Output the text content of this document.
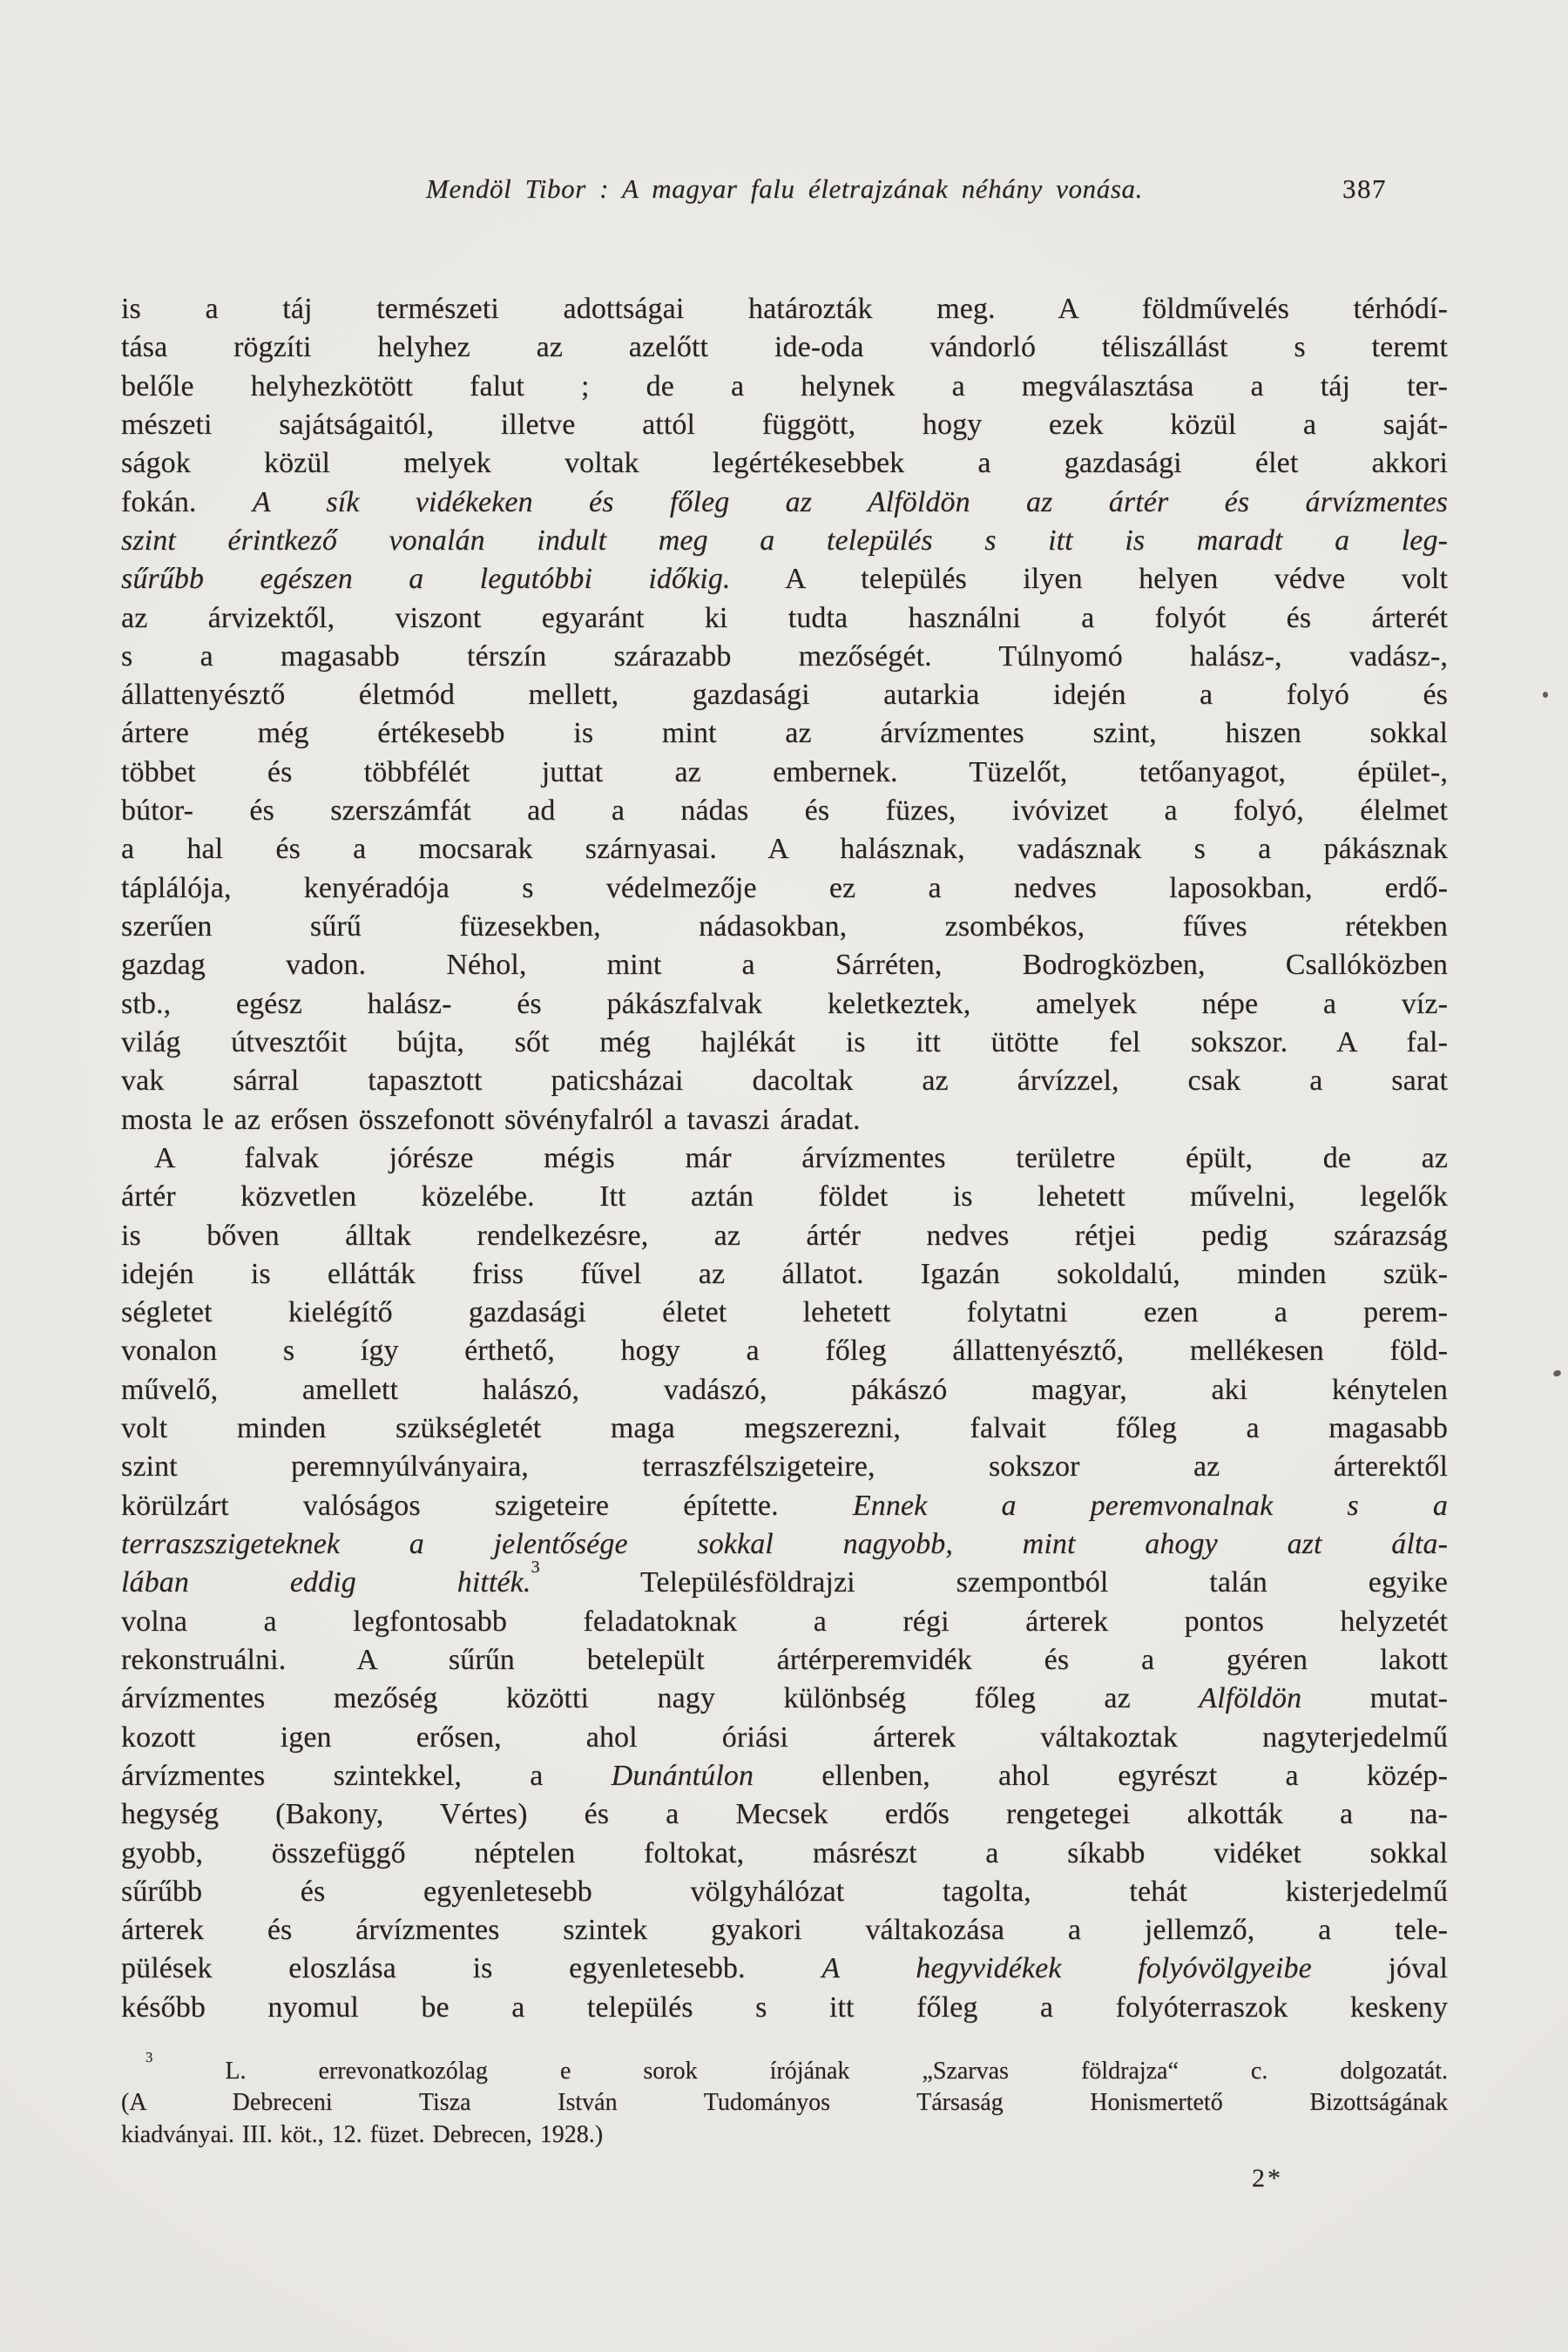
Mendöl Tibor : A magyar falu életrajzának néhány vonása.	387
is a táj természeti adottságai határozták meg. A földművelés térhódí-
tása rögzíti helyhez az azelőtt ide-oda vándorló téliszállást s teremt
belőle helyhezkötött falut ; de a helynek a megválasztása a táj ter-
mészeti sajátságaitól, illetve attól függött, hogy ezek közül a saját-
ságok közül melyek voltak legértékesebbek a gazdasági élet akkori
fokán. A sík vidékeken és főleg az Alföldön az ártér és árvízmentes
szint érintkező vonalán indult meg a település s itt is maradt a leg-
sűrűbb egészen a legutóbbi időkig. A település ilyen helyen védve volt
az árvizektől, viszont egyaránt ki tudta használni a folyót és árterét
s a magasabb térszín szárazabb mezőségét. Túlnyomó halász-, vadász-,
állattenyésztő életmód mellett, gazdasági autarkia idején a folyó és
ártere még értékesebb is mint az árvízmentes szint, hiszen sokkal
többet és többfélét juttat az embernek. Tüzelőt, tetőanyagot, épület-,
bútor- és szerszámfát ad a nádas és füzes, ivóvizet a folyó, élelmet
a hal és a mocsarak szárnyasai. A halásznak, vadásznak s a pákásznak
táplálója, kenyéradója s védelmezője ez a nedves laposokban, erdő-
szerűen sűrű füzesekben, nádasokban, zsombékos, fűves rétekben
gazdag vadon. Néhol, mint a Sárréten, Bodrogközben, Csallóközben
stb., egész halász- és pákászfalvak keletkeztek, amelyek népe a víz-
világ útvesztőit bújta, sőt még hajlékát is itt ütötte fel sokszor. A fal-
vak sárral tapasztott paticsházai dacoltak az árvízzel, csak a sarat
mosta le az erősen összefonott sövényfalról a tavaszi áradat.
A falvak jórésze mégis már árvízmentes területre épült, de az
ártér közvetlen közelébe. Itt aztán földet is lehetett művelni, legelők
is bőven álltak rendelkezésre, az ártér nedves rétjei pedig szárazság
idején is ellátták friss fűvel az állatot. Igazán sokoldalú, minden szük-
ségletet kielégítő gazdasági életet lehetett folytatni ezen a perem-
vonalon s így érthető, hogy a főleg állattenyésztő, mellékesen föld-
művelő, amellett halászó, vadászó, pákászó magyar, aki kénytelen
volt minden szükségletét maga megszerezni, falvait főleg a magasabb
szint peremnyúlványaira, terraszfélszigeteire, sokszor az árterektől
körülzárt valóságos szigeteire építette. Ennek a peremvonalnak s a
terraszszigeteknek a jelentősége sokkal nagyobb, mint ahogy azt álta-
lában eddig hitték.$^3$ Településföldrajzi szempontból talán egyike
volna a legfontosabb feladatoknak a régi árterek pontos helyzetét
rekonstruálni. A sűrűn betelepült ártérperemvidék és a gyéren lakott
árvízmentes mezőség közötti nagy különbség főleg az Alföldön mutat-
kozott igen erősen, ahol óriási árterek váltakoztak nagyterjedelmű
árvízmentes szintekkel, a Dunántúlon ellenben, ahol egyrészt a közép-
hegység (Bakony, Vértes) és a Mecsek erdős rengetegei alkották a na-
gyobb, összefüggő néptelen foltokat, másrészt a síkabb vidéket sokkal
sűrűbb és egyenletesebb völgyhálózat tagolta, tehát kisterjedelmű
árterek és árvízmentes szintek gyakori váltakozása a jellemző, a tele-
pülések eloszlása is egyenletesebb. A hegyvidékek folyóvölgyeibe jóval
később nyomul be a település s itt főleg a folyóterraszok keskeny
$^3$ L. errevonatkozólag e sorok írójának „Szarvas földrajza“ c. dolgozatát.
(A Debreceni Tisza István Tudományos Társaság Honismertető Bizottságának
kiadványai. III. köt., 12. füzet. Debrecen, 1928.)
2*
